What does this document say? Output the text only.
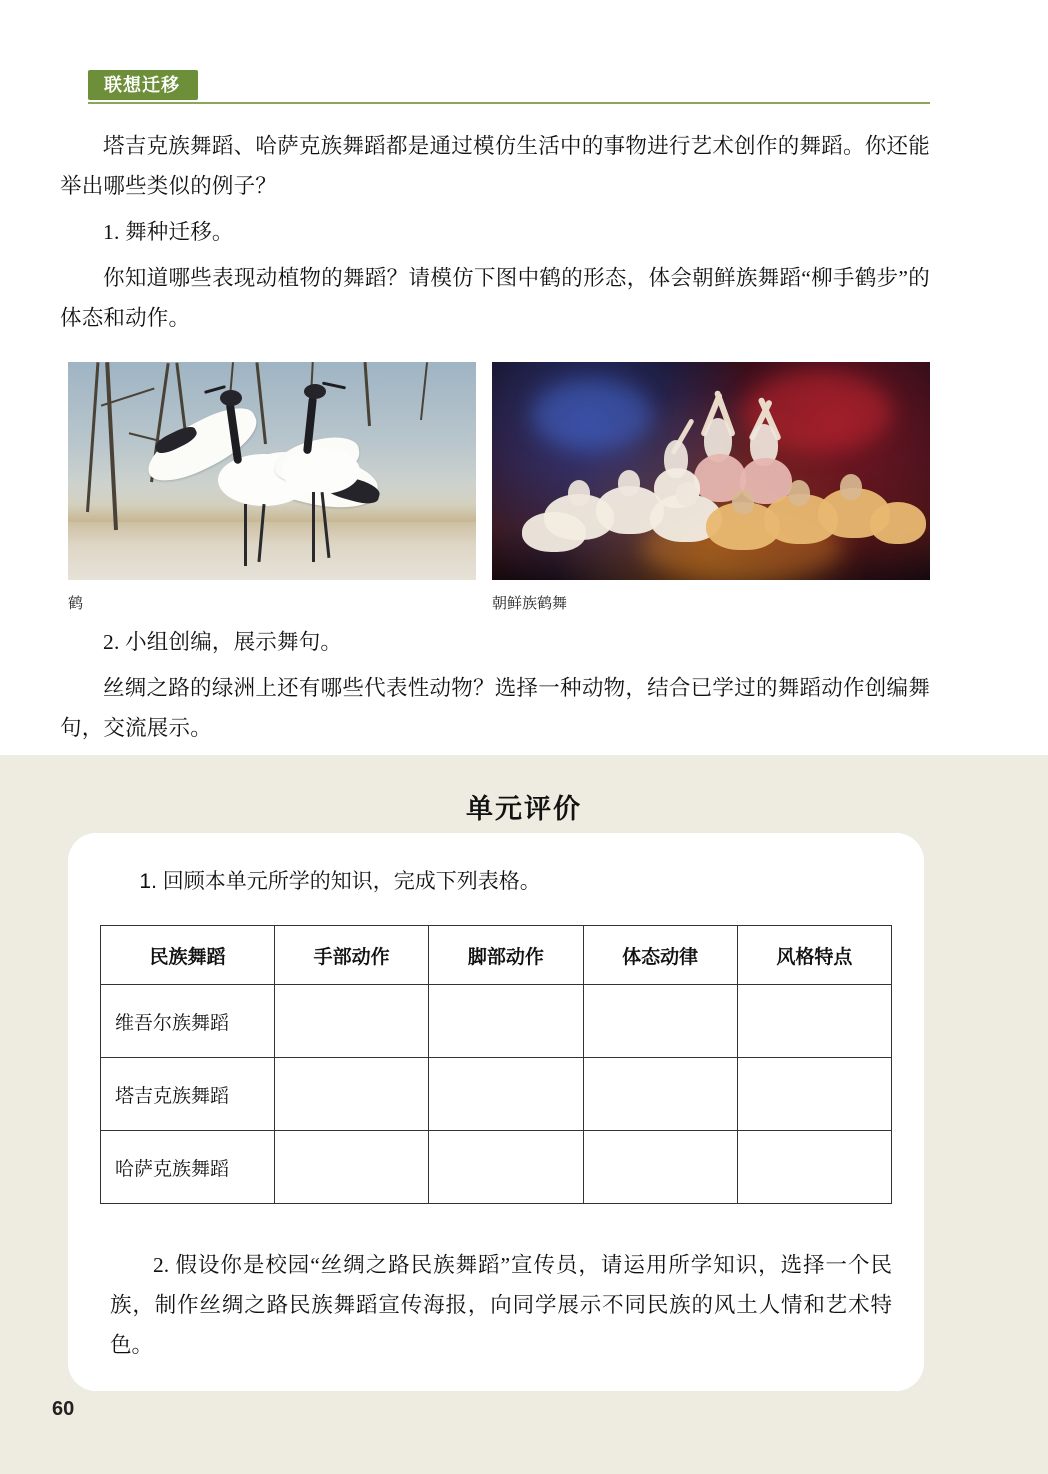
联想迁移

塔吉克族舞蹈、哈萨克族舞蹈都是通过模仿生活中的事物进行艺术创作的舞蹈。你还能举出哪些类似的例子？

1. 舞种迁移。

你知道哪些表现动植物的舞蹈？请模仿下图中鹤的形态，体会朝鲜族舞蹈“柳手鹤步”的体态和动作。

鹤	朝鲜族鹤舞

2. 小组创编，展示舞句。

丝绸之路的绿洲上还有哪些代表性动物？选择一种动物，结合已学过的舞蹈动作创编舞句，交流展示。

单元评价
1. 回顾本单元所学的知识，完成下列表格。
民族舞蹈	手部动作	脚部动作	体态动律	风格特点
维吾尔族舞蹈				
塔吉克族舞蹈				
哈萨克族舞蹈				
2. 假设你是校园“丝绸之路民族舞蹈”宣传员，请运用所学知识，选择一个民族，制作丝绸之路民族舞蹈宣传海报，向同学展示不同民族的风土人情和艺术特色。
60
